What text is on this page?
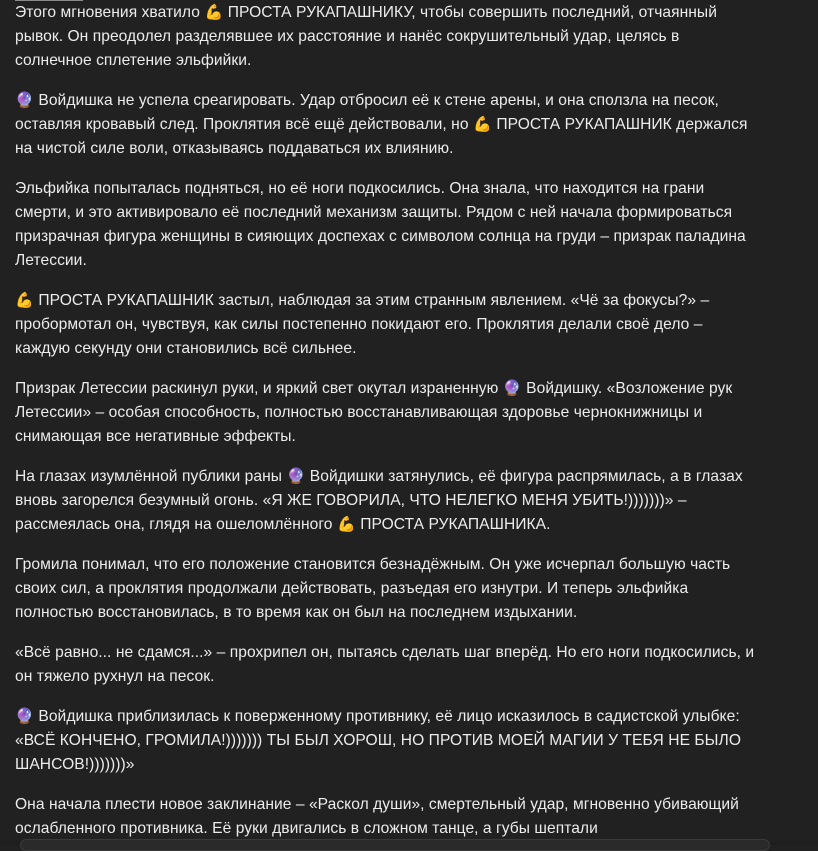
Этого мгновения хватило 💪 ПРОСТА РУКАПАШНИКУ, чтобы совершить последний, отчаянный рывок. Он преодолел разделявшее их расстояние и нанёс сокрушительный удар, целясь в солнечное сплетение эльфийки.

🔮 Войдишка не успела среагировать. Удар отбросил её к стене арены, и она сползла на песок, оставляя кровавый след. Проклятия всё ещё действовали, но 💪 ПРОСТА РУКАПАШНИК держался на чистой силе воли, отказываясь поддаваться их влиянию.

Эльфийка попыталась подняться, но её ноги подкосились. Она знала, что находится на грани смерти, и это активировало её последний механизм защиты. Рядом с ней начала формироваться призрачная фигура женщины в сияющих доспехах с символом солнца на груди – призрак паладина Летессии.

💪 ПРОСТА РУКАПАШНИК застыл, наблюдая за этим странным явлением. «Чё за фокусы?» – пробормотал он, чувствуя, как силы постепенно покидают его. Проклятия делали своё дело – каждую секунду они становились всё сильнее.

Призрак Летессии раскинул руки, и яркий свет окутал израненную 🔮 Войдишку. «Возложение рук Летессии» – особая способность, полностью восстанавливающая здоровье чернокнижницы и снимающая все негативные эффекты.

На глазах изумлённой публики раны 🔮 Войдишки затянулись, её фигура распрямилась, а в глазах вновь загорелся безумный огонь. «Я ЖЕ ГОВОРИЛА, ЧТО НЕЛЕГКО МЕНЯ УБИТЬ!)))))))» – рассмеялась она, глядя на ошеломлённого 💪 ПРОСТА РУКАПАШНИКА.

Громила понимал, что его положение становится безнадёжным. Он уже исчерпал большую часть своих сил, а проклятия продолжали действовать, разъедая его изнутри. И теперь эльфийка полностью восстановилась, в то время как он был на последнем издыхании.

«Всё равно... не сдамся...» – прохрипел он, пытаясь сделать шаг вперёд. Но его ноги подкосились, и он тяжело рухнул на песок.

🔮 Войдишка приблизилась к поверженному противнику, её лицо исказилось в садистской улыбке: «ВСЁ КОНЧЕНО, ГРОМИЛА!))))))) ТЫ БЫЛ ХОРОШ, НО ПРОТИВ МОЕЙ МАГИИ У ТЕБЯ НЕ БЫЛО ШАНСОВ!)))))))»

Она начала плести новое заклинание – «Раскол души», смертельный удар, мгновенно убивающий ослабленного противника. Её руки двигались в сложном танце, а губы шептали
